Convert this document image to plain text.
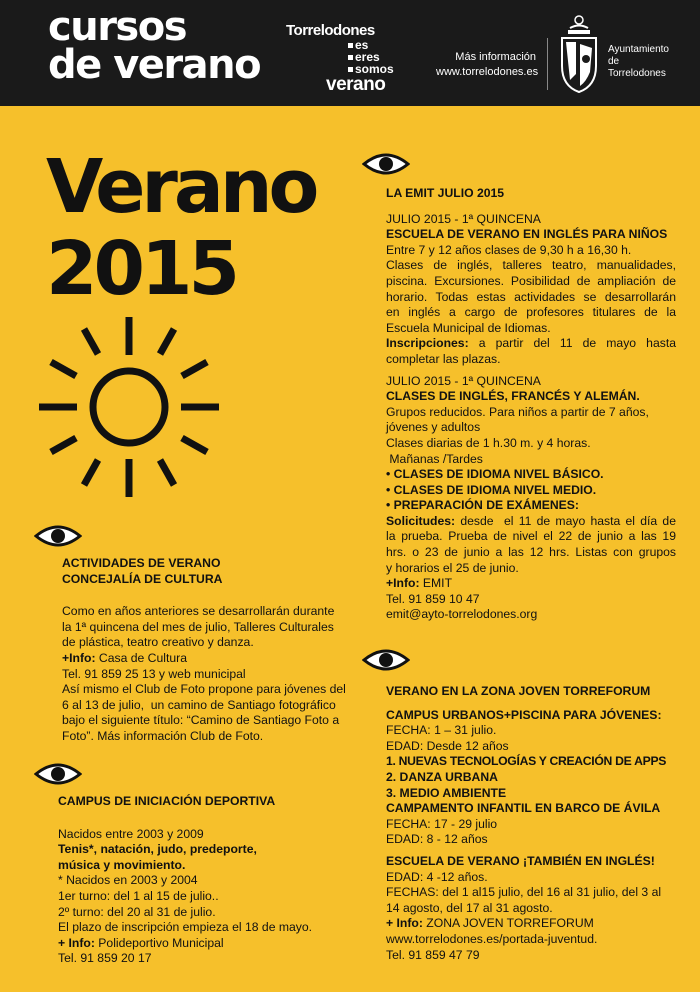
cursos
de verano
Torrelodones
es
eres
somos
verano
Más información
www.torrelodones.es
Ayuntamiento
de
Torrelodones
Verano
2015

LA EMIT JULIO 2015

JULIO 2015 - 1ª QUINCENA

ESCUELA DE VERANO EN INGLÉS PARA NIÑOS

Entre 7 y 12 años clases de 9,30 h a 16,30 h.

Clases de inglés, talleres teatro, manualidades,

piscina. Excursiones. Posibilidad de ampliación de

horario. Todas estas actividades se desarrollarán

en inglés a cargo de profesores titulares de la

Escuela Municipal de Idiomas.

Inscripciones: a partir del 11 de mayo hasta

completar las plazas.

JULIO 2015 - 1ª QUINCENA

CLASES DE INGLÉS, FRANCÉS Y ALEMÁN.

Grupos reducidos. Para niños a partir de 7 años,

jóvenes y adultos

Clases diarias de 1 h.30 m. y 4 horas.

Mañanas /Tardes

• CLASES DE IDIOMA NIVEL BÁSICO.

• CLASES DE IDIOMA NIVEL MEDIO.

• PREPARACIÓN DE EXÁMENES:

Solicitudes: desde  el 11 de mayo hasta el día de

la prueba. Prueba de nivel el 22 de junio a las 19

hrs. o 23 de junio a las 12 hrs. Listas con grupos

y horarios el 25 de junio.

+Info: EMIT

Tel. 91 859 10 47

emit@ayto-torrelodones.org

VERANO EN LA ZONA JOVEN TORREFORUM

CAMPUS URBANOS+PISCINA PARA JÓVENES:

FECHA: 1 – 31 julio.

EDAD: Desde 12 años

1. NUEVAS TECNOLOGÍAS Y CREACIÓN DE APPS

2. DANZA URBANA

3. MEDIO AMBIENTE

CAMPAMENTO INFANTIL EN BARCO DE ÁVILA

FECHA: 17 - 29 julio

EDAD: 8 - 12 años

ESCUELA DE VERANO ¡TAMBIÉN EN INGLÉS!

EDAD: 4 -12 años.

FECHAS: del 1 al15 julio, del 16 al 31 julio, del 3 al

14 agosto, del 17 al 31 agosto.

+ Info: ZONA JOVEN TORREFORUM

www.torrelodones.es/portada-juventud.

Tel. 91 859 47 79

ACTIVIDADES DE VERANO

CONCEJALÍA DE CULTURA

Como en años anteriores se desarrollarán durante

la 1ª quincena del mes de julio, Talleres Culturales

de plástica, teatro creativo y danza.

+Info: Casa de Cultura

Tel. 91 859 25 13 y web municipal

Así mismo el Club de Foto propone para jóvenes del

6 al 13 de julio,  un camino de Santiago fotográfico

bajo el siguiente título: “Camino de Santiago Foto a

Foto”. Más información Club de Foto.

CAMPUS DE INICIACIÓN DEPORTIVA

Nacidos entre 2003 y 2009

Tenis*, natación, judo, predeporte,

música y movimiento.

* Nacidos en 2003 y 2004

1er turno: del 1 al 15 de julio..

2º turno: del 20 al 31 de julio.

El plazo de inscripción empieza el 18 de mayo.

+ Info: Polideportivo Municipal

Tel. 91 859 20 17
